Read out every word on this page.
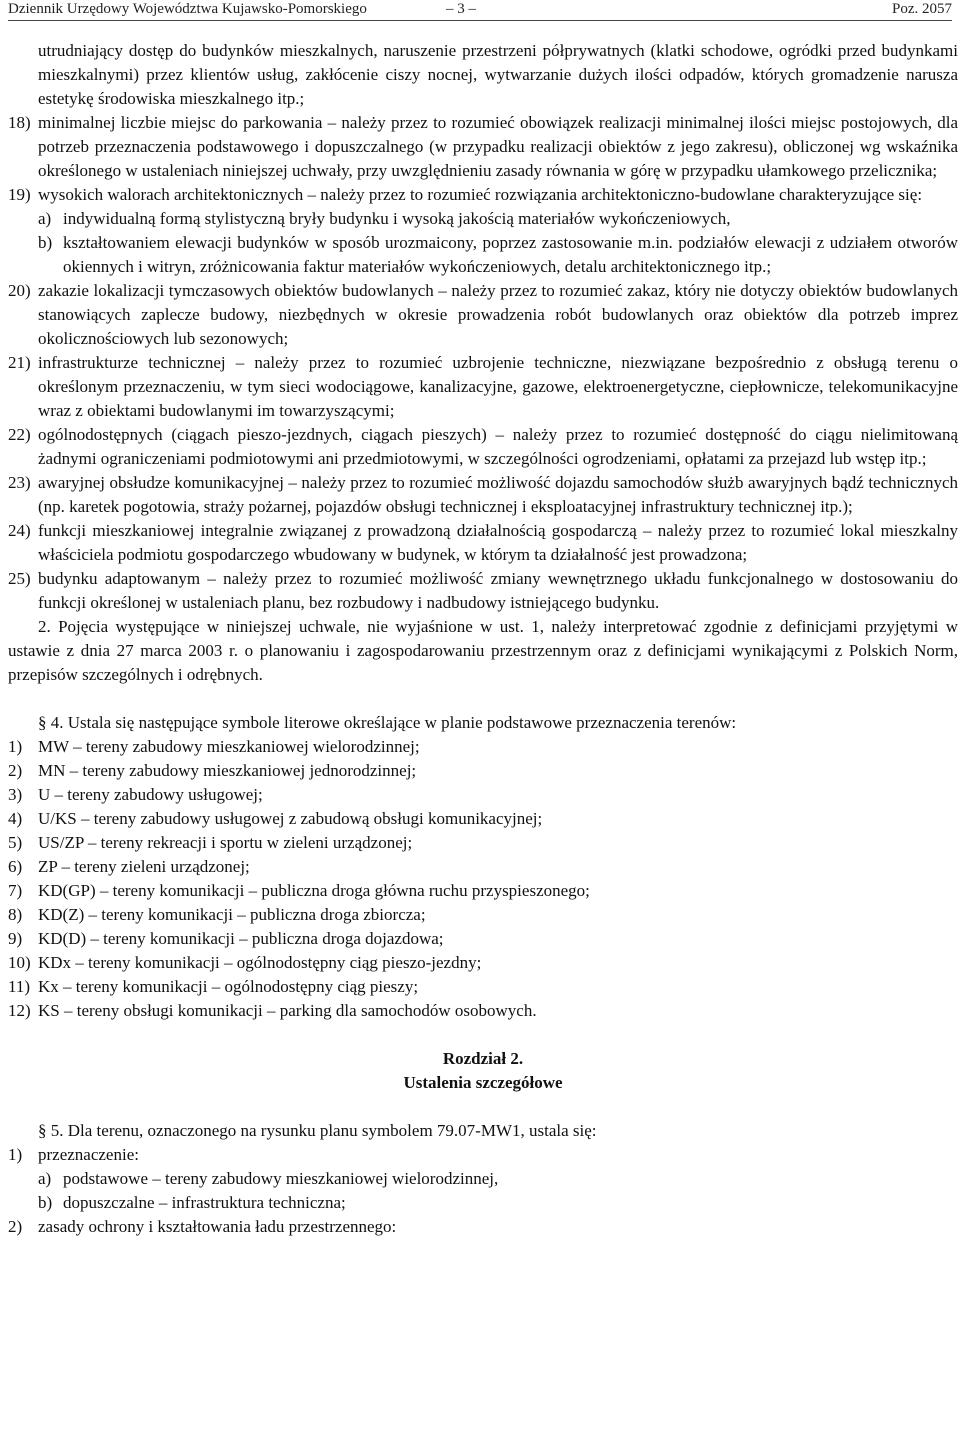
Dziennik Urzędowy Województwa Kujawsko-Pomorskiego	– 3 –	Poz. 2057

utrudniający dostęp do budynków mieszkalnych, naruszenie przestrzeni półprywatnych (klatki schodowe, ogródki przed budynkami mieszkalnymi) przez klientów usług, zakłócenie ciszy nocnej, wytwarzanie dużych ilości odpadów, których gromadzenie narusza estetykę środowiska mieszkalnego itp.;

18) minimalnej liczbie miejsc do parkowania – należy przez to rozumieć obowiązek realizacji minimalnej ilości miejsc postojowych, dla potrzeb przeznaczenia podstawowego i dopuszczalnego (w przypadku realizacji obiektów z jego zakresu), obliczonej wg wskaźnika określonego w ustaleniach niniejszej uchwały, przy uwzględnieniu zasady równania w górę w przypadku ułamkowego przelicznika;
19) wysokich walorach architektonicznych – należy przez to rozumieć rozwiązania architektoniczno-budowlane charakteryzujące się:
a) indywidualną formą stylistyczną bryły budynku i wysoką jakością materiałów wykończeniowych,
b) kształtowaniem elewacji budynków w sposób urozmaicony, poprzez zastosowanie m.in. podziałów elewacji z udziałem otworów okiennych i witryn, zróżnicowania faktur materiałów wykończeniowych, detalu architektonicznego itp.;
20) zakazie lokalizacji tymczasowych obiektów budowlanych – należy przez to rozumieć zakaz, który nie dotyczy obiektów budowlanych stanowiących zaplecze budowy, niezbędnych w okresie prowadzenia robót budowlanych oraz obiektów dla potrzeb imprez okolicznościowych lub sezonowych;
21) infrastrukturze technicznej – należy przez to rozumieć uzbrojenie techniczne, niezwiązane bezpośrednio z obsługą terenu o określonym przeznaczeniu, w tym sieci wodociągowe, kanalizacyjne, gazowe, elektroenergetyczne, ciepłownicze, telekomunikacyjne wraz z obiektami budowlanymi im towarzyszącymi;
22) ogólnodostępnych (ciągach pieszo-jezdnych, ciągach pieszych) – należy przez to rozumieć dostępność do ciągu nielimitowaną żadnymi ograniczeniami podmiotowymi ani przedmiotowymi, w szczególności ogrodzeniami, opłatami za przejazd lub wstęp itp.;
23) awaryjnej obsłudze komunikacyjnej – należy przez to rozumieć możliwość dojazdu samochodów służb awaryjnych bądź technicznych (np. karetek pogotowia, straży pożarnej, pojazdów obsługi technicznej i eksploatacyjnej infrastruktury technicznej itp.);
24) funkcji mieszkaniowej integralnie związanej z prowadzoną działalnością gospodarczą – należy przez to rozumieć lokal mieszkalny właściciela podmiotu gospodarczego wbudowany w budynek, w którym ta działalność jest prowadzona;
25) budynku adaptowanym – należy przez to rozumieć możliwość zmiany wewnętrznego układu funkcjonalnego w dostosowaniu do funkcji określonej w ustaleniach planu, bez rozbudowy i nadbudowy istniejącego budynku.

2. Pojęcia występujące w niniejszej uchwale, nie wyjaśnione w ust. 1, należy interpretować zgodnie z definicjami przyjętymi w ustawie z dnia 27 marca 2003 r. o planowaniu i zagospodarowaniu przestrzennym oraz z definicjami wynikającymi z Polskich Norm, przepisów szczególnych i odrębnych.

§ 4. Ustala się następujące symbole literowe określające w planie podstawowe przeznaczenia terenów:

1) MW – tereny zabudowy mieszkaniowej wielorodzinnej;
2) MN – tereny zabudowy mieszkaniowej jednorodzinnej;
3) U – tereny zabudowy usługowej;
4) U/KS – tereny zabudowy usługowej z zabudową obsługi komunikacyjnej;
5) US/ZP – tereny rekreacji i sportu w zieleni urządzonej;
6) ZP – tereny zieleni urządzonej;
7) KD(GP) – tereny komunikacji – publiczna droga główna ruchu przyspieszonego;
8) KD(Z) – tereny komunikacji – publiczna droga zbiorcza;
9) KD(D) – tereny komunikacji – publiczna droga dojazdowa;
10) KDx – tereny komunikacji – ogólnodostępny ciąg pieszo-jezdny;
11) Kx – tereny komunikacji – ogólnodostępny ciąg pieszy;
12) KS – tereny obsługi komunikacji – parking dla samochodów osobowych.

Rozdział 2.

Ustalenia szczegółowe

§ 5. Dla terenu, oznaczonego na rysunku planu symbolem 79.07-MW1, ustala się:

1) przeznaczenie:
a) podstawowe – tereny zabudowy mieszkaniowej wielorodzinnej,
b) dopuszczalne – infrastruktura techniczna;
2) zasady ochrony i kształtowania ładu przestrzennego:
